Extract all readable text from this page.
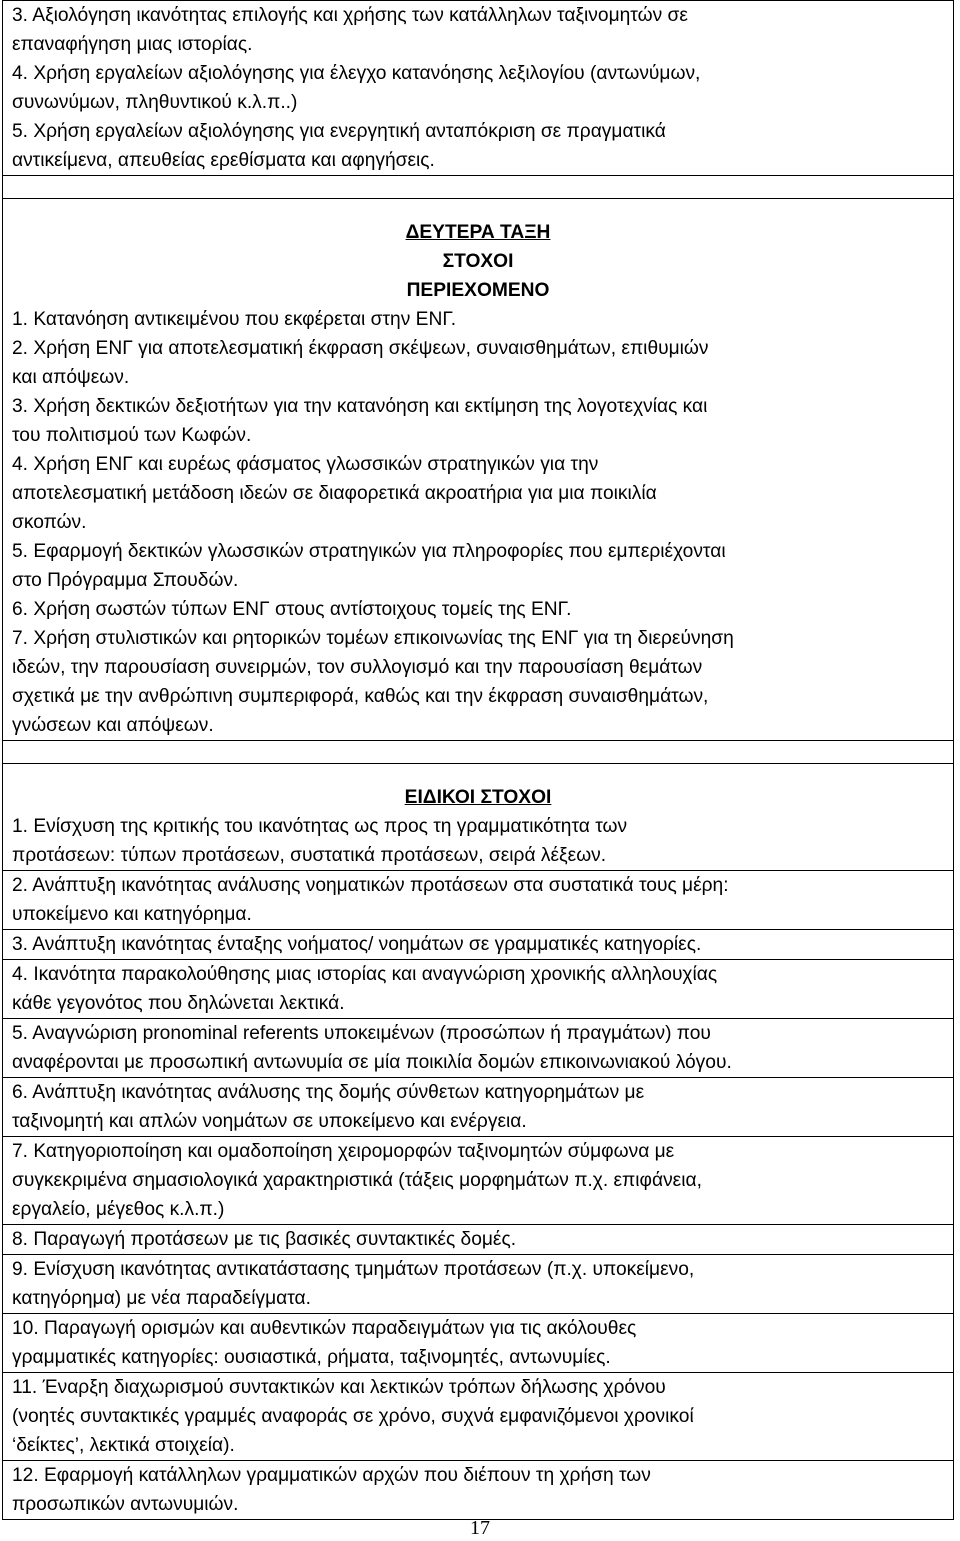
3. Αξιολόγηση ικανότητας επιλογής και χρήσης των κατάλληλων ταξινομητών σε
επαναφήγηση μιας ιστορίας.
4. Χρήση εργαλείων αξιολόγησης για έλεγχο κατανόησης λεξιλογίου (αντωνύμων,
συνωνύμων, πληθυντικού κ.λ.π..)
5. Χρήση εργαλείων αξιολόγησης για ενεργητική ανταπόκριση σε πραγματικά
αντικείμενα, απευθείας ερεθίσματα και αφηγήσεις.

ΔΕΥΤΕΡΑ ΤΑΞΗ
ΣΤΟΧΟΙ
ΠΕΡΙΕΧΟΜΕΝΟ
1. Κατανόηση αντικειμένου που εκφέρεται στην ΕΝΓ.
2. Χρήση ΕΝΓ για αποτελεσματική έκφραση σκέψεων, συναισθημάτων, επιθυμιών
και απόψεων.
3. Χρήση δεκτικών δεξιοτήτων για την κατανόηση και εκτίμηση της λογοτεχνίας και
του πολιτισμού των Κωφών.
4. Χρήση ΕΝΓ και ευρέως φάσματος γλωσσικών στρατηγικών για την
αποτελεσματική μετάδοση ιδεών σε διαφορετικά ακροατήρια για μια ποικιλία
σκοπών.
5. Εφαρμογή δεκτικών γλωσσικών στρατηγικών για πληροφορίες που εμπεριέχονται
στο Πρόγραμμα Σπουδών.
6. Χρήση σωστών τύπων ΕΝΓ στους αντίστοιχους τομείς της ΕΝΓ.
7. Χρήση στυλιστικών και ρητορικών τομέων επικοινωνίας της ΕΝΓ για τη διερεύνηση
ιδεών, την παρουσίαση συνειρμών, τον συλλογισμό και την παρουσίαση θεμάτων
σχετικά με την ανθρώπινη συμπεριφορά, καθώς και την έκφραση συναισθημάτων,
γνώσεων και απόψεων.

ΕΙΔΙΚΟΙ ΣΤΟΧΟΙ
1. Ενίσχυση της κριτικής του ικανότητας ως προς τη γραμματικότητα των
προτάσεων: τύπων προτάσεων, συστατικά προτάσεων, σειρά λέξεων.

2. Ανάπτυξη ικανότητας ανάλυσης νοηματικών προτάσεων στα συστατικά τους μέρη:
υποκείμενο και κατηγόρημα.

3. Ανάπτυξη ικανότητας ένταξης νοήματος/ νοημάτων σε γραμματικές κατηγορίες.

4. Ικανότητα παρακολούθησης μιας ιστορίας και αναγνώριση χρονικής αλληλουχίας
κάθε γεγονότος που δηλώνεται λεκτικά.

5. Αναγνώριση pronominal referents υποκειμένων (προσώπων ή πραγμάτων) που
αναφέρονται με προσωπική αντωνυμία σε μία ποικιλία δομών επικοινωνιακού λόγου.

6. Ανάπτυξη ικανότητας ανάλυσης της δομής σύνθετων κατηγορημάτων με
ταξινομητή και απλών νοημάτων σε υποκείμενο και ενέργεια.

7. Κατηγοριοποίηση και ομαδοποίηση χειρομορφών ταξινομητών σύμφωνα με
συγκεκριμένα σημασιολογικά χαρακτηριστικά (τάξεις μορφημάτων π.χ. επιφάνεια,
εργαλείο, μέγεθος κ.λ.π.)

8. Παραγωγή προτάσεων με τις βασικές συντακτικές δομές.

9. Ενίσχυση ικανότητας αντικατάστασης τμημάτων προτάσεων (π.χ. υποκείμενο,
κατηγόρημα) με νέα παραδείγματα.

10. Παραγωγή ορισμών και αυθεντικών παραδειγμάτων για τις ακόλουθες
γραμματικές κατηγορίες: ουσιαστικά, ρήματα, ταξινομητές, αντωνυμίες.

11. Έναρξη διαχωρισμού συντακτικών και λεκτικών τρόπων δήλωσης χρόνου
(νοητές συντακτικές γραμμές αναφοράς σε χρόνο, συχνά εμφανιζόμενοι χρονικοί
‘δείκτες’, λεκτικά στοιχεία).

12. Εφαρμογή κατάλληλων γραμματικών αρχών που διέπουν τη χρήση των
προσωπικών αντωνυμιών.
17
